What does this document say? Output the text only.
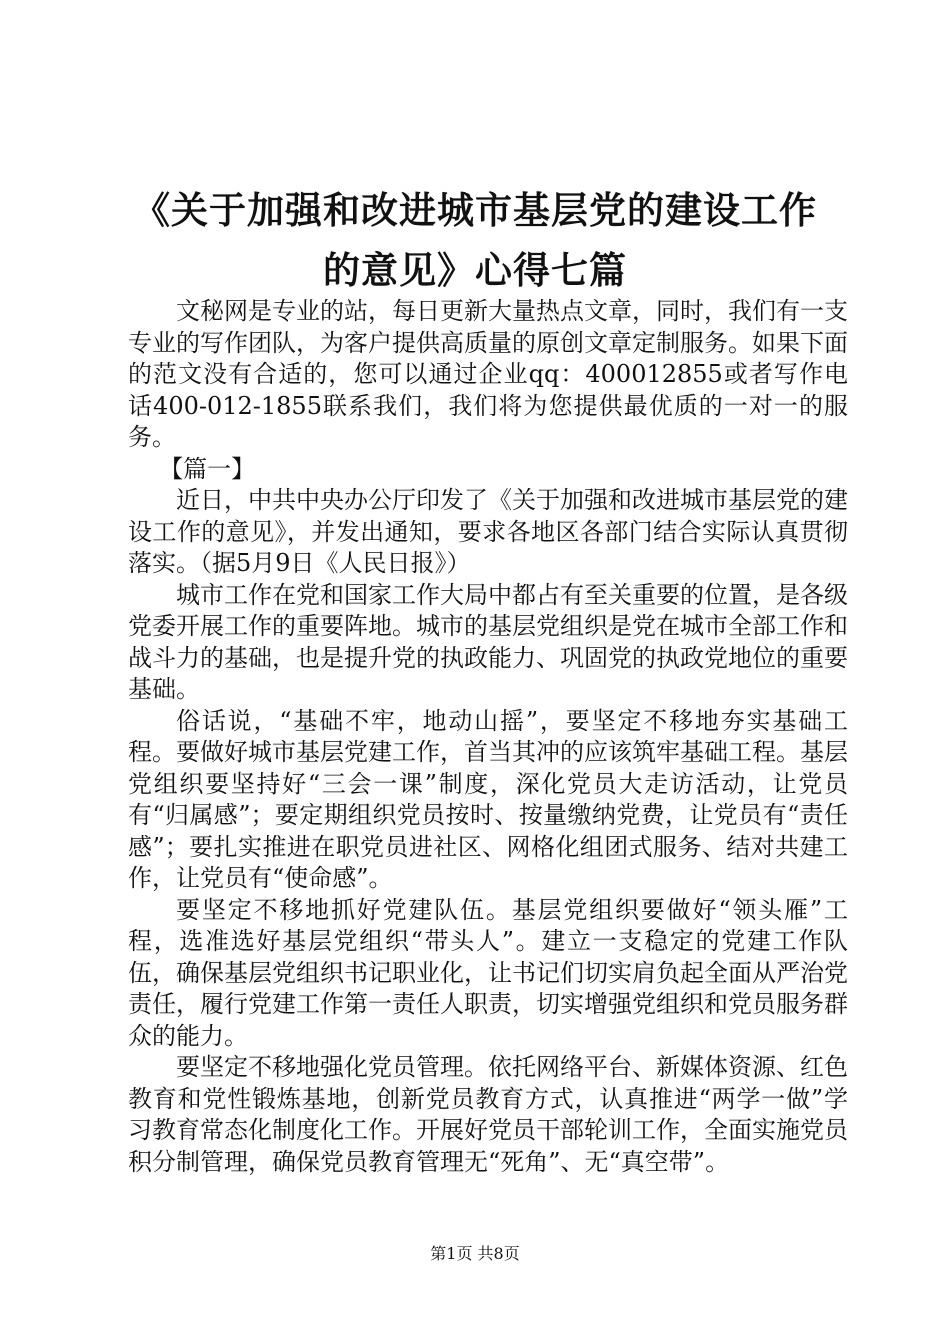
《关于加强和改进城市基层党的建设工作的意见》心得七篇

文秘网是专业的站，每日更新大量热点文章，同时，我们有一支专业的写作团队，为客户提供高质量的原创文章定制服务。如果下面的范文没有合适的，您可以通过企业qq：400012855或者写作电话400-012-1855联系我们，我们将为您提供最优质的一对一的服务。

【篇一】

近日，中共中央办公厅印发了《关于加强和改进城市基层党的建设工作的意见》，并发出通知，要求各地区各部门结合实际认真贯彻落实。（据5月9日《人民日报》）

城市工作在党和国家工作大局中都占有至关重要的位置，是各级党委开展工作的重要阵地。城市的基层党组织是党在城市全部工作和战斗力的基础，也是提升党的执政能力、巩固党的执政党地位的重要基础。

俗话说，“基础不牢，地动山摇”，要坚定不移地夯实基础工程。要做好城市基层党建工作，首当其冲的应该筑牢基础工程。基层党组织要坚持好“三会一课”制度，深化党员大走访活动，让党员有“归属感”；要定期组织党员按时、按量缴纳党费，让党员有“责任感”；要扎实推进在职党员进社区、网格化组团式服务、结对共建工作，让党员有“使命感”。

要坚定不移地抓好党建队伍。基层党组织要做好“领头雁”工程，选准选好基层党组织“带头人”。建立一支稳定的党建工作队伍，确保基层党组织书记职业化，让书记们切实肩负起全面从严治党责任，履行党建工作第一责任人职责，切实增强党组织和党员服务群众的能力。

要坚定不移地强化党员管理。依托网络平台、新媒体资源、红色教育和党性锻炼基地，创新党员教育方式，认真推进“两学一做”学习教育常态化制度化工作。开展好党员干部轮训工作，全面实施党员积分制管理，确保党员教育管理无“死角”、无“真空带”。

第1页 共8页
